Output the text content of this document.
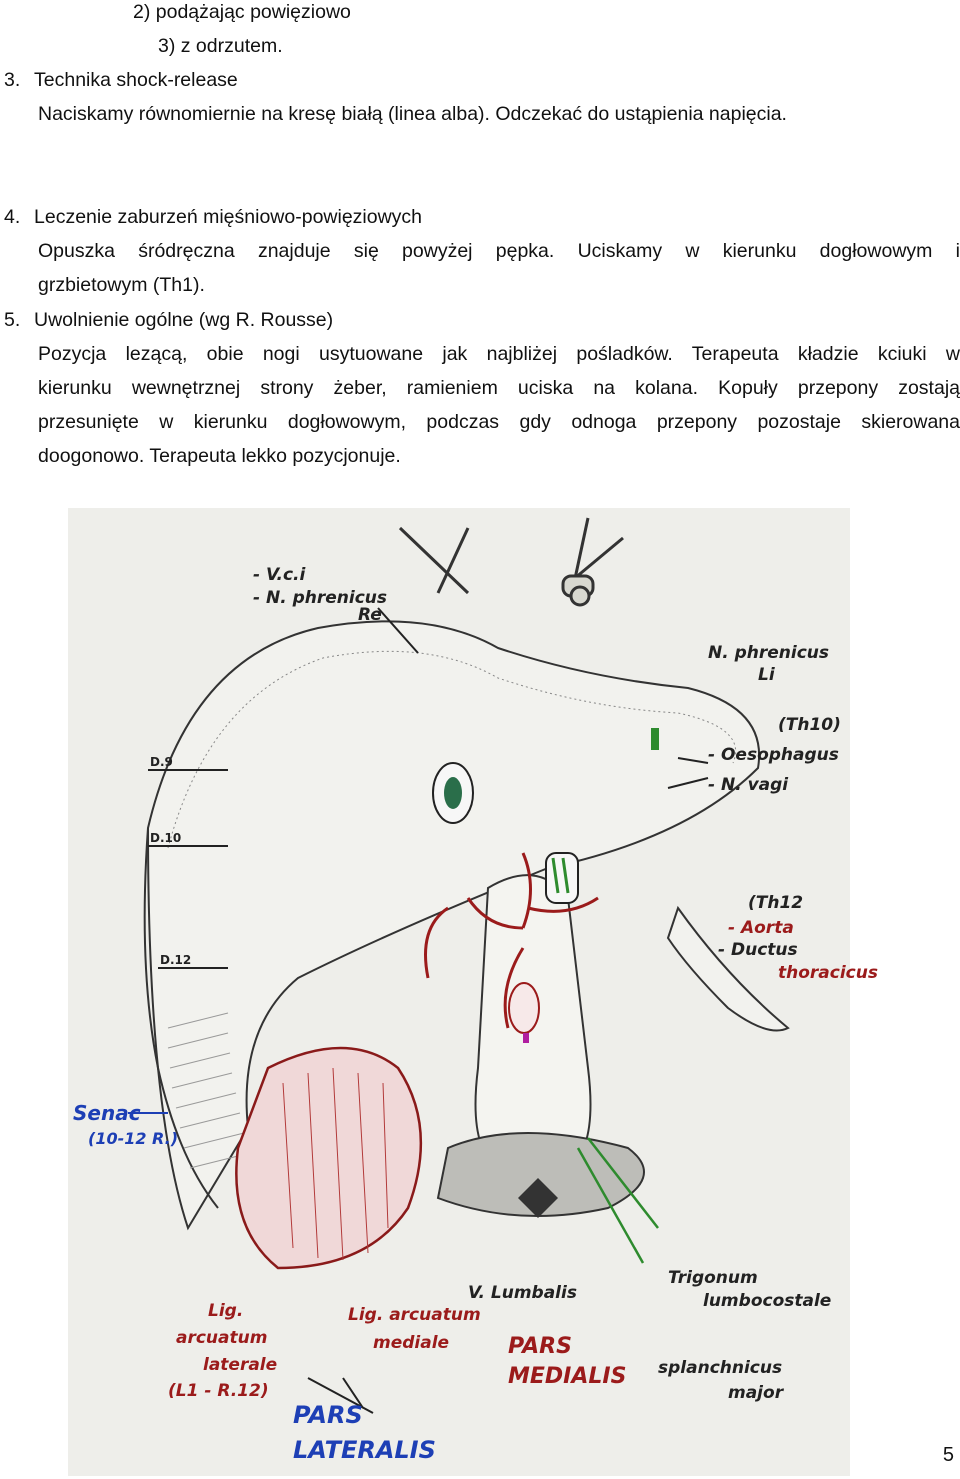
2) podążając powięziowo
3) z odrzutem.
3. Technika shock-release
Naciskamy równomiernie na kresę białą (linea alba). Odczekać do ustąpienia napięcia.
4. Leczenie zaburzeń mięśniowo-powięziowych
Opuszka śródręczna znajduje się powyżej pępka. Uciskamy w kierunku dogłowowym i
grzbietowym (Th1).
5. Uwolnienie ogólne (wg R. Rousse)
Pozycja lezącą, obie nogi usytuowane jak najbliżej pośladków. Terapeuta kładzie kciuki w
kierunku wewnętrznej strony żeber, ramieniem uciska na kolana. Kopuły przepony zostają
przesunięte w kierunku dogłowowym, podczas gdy odnoga przepony pozostaje skierowana
doogonowo. Terapeuta lekko pozycjonuje.
- V.c.i
- N. phrenicus
Re
N. phrenicus
Li
(Th10)
- Oesophagus
- N. vagi
(Th12
- Ductus
Trigonum
lumbocostale
V. Lumbalis
splanchnicus
major
D.9
D.10
D.12
- Aorta
thoracicus
Lig.
arcuatum
laterale
(L1 - R.12)
Lig. arcuatum
mediale	PARS
MEDIALIS
Senac
(10-12 R.)
PARS
LATERALIS	5
